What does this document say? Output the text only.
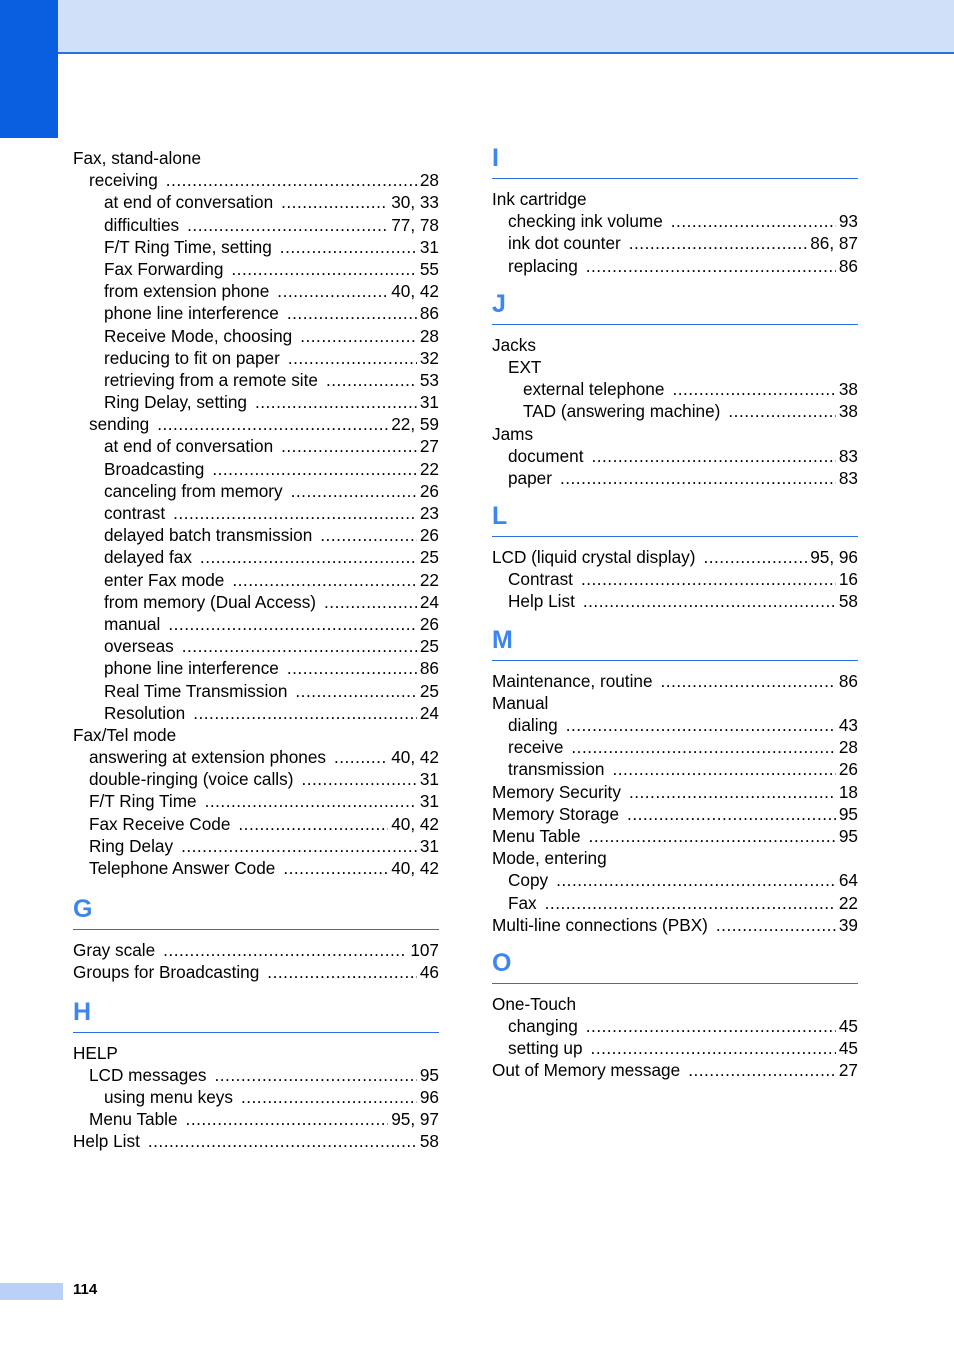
Fax, stand-alone
receiving .....	28
at end of conversation .....	30, 33
difficulties .....	77, 78
F/T Ring Time, setting .....	31
Fax Forwarding .....	55
from extension phone .....	40, 42
phone line interference .....	86
Receive Mode, choosing .....	28
reducing to fit on paper .....	32
retrieving from a remote site .....	53
Ring Delay, setting .....	31
sending .....	22, 59
at end of conversation .....	27
Broadcasting .....	22
canceling from memory .....	26
contrast .....	23
delayed batch transmission .....	26
delayed fax .....	25
enter Fax mode .....	22
from memory (Dual Access) .....	24
manual .....	26
overseas .....	25
phone line interference .....	86
Real Time Transmission .....	25
Resolution .....	24
Fax/Tel mode
answering at extension phones .....	40, 42
double-ringing (voice calls) .....	31
F/T Ring Time .....	31
Fax Receive Code .....	40, 42
Ring Delay .....	31
Telephone Answer Code .....	40, 42
G
Gray scale .....	107
Groups for Broadcasting .....	46
H
HELP
LCD messages .....	95
using menu keys .....	96
Menu Table .....	95, 97
Help List .....	58
I
Ink cartridge
checking ink volume .....	93
ink dot counter .....	86, 87
replacing .....	86
J
Jacks
EXT
external telephone .....	38
TAD (answering machine) .....	38
Jams
document .....	83
paper .....	83
L
LCD (liquid crystal display) .....	95, 96
Contrast .....	16
Help List .....	58
M
Maintenance, routine .....	86
Manual
dialing .....	43
receive .....	28
transmission .....	26
Memory Security .....	18
Memory Storage .....	95
Menu Table .....	95
Mode, entering
Copy .....	64
Fax .....	22
Multi-line connections (PBX) .....	39
O
One-Touch
changing .....	45
setting up .....	45
Out of Memory message .....	27
114
